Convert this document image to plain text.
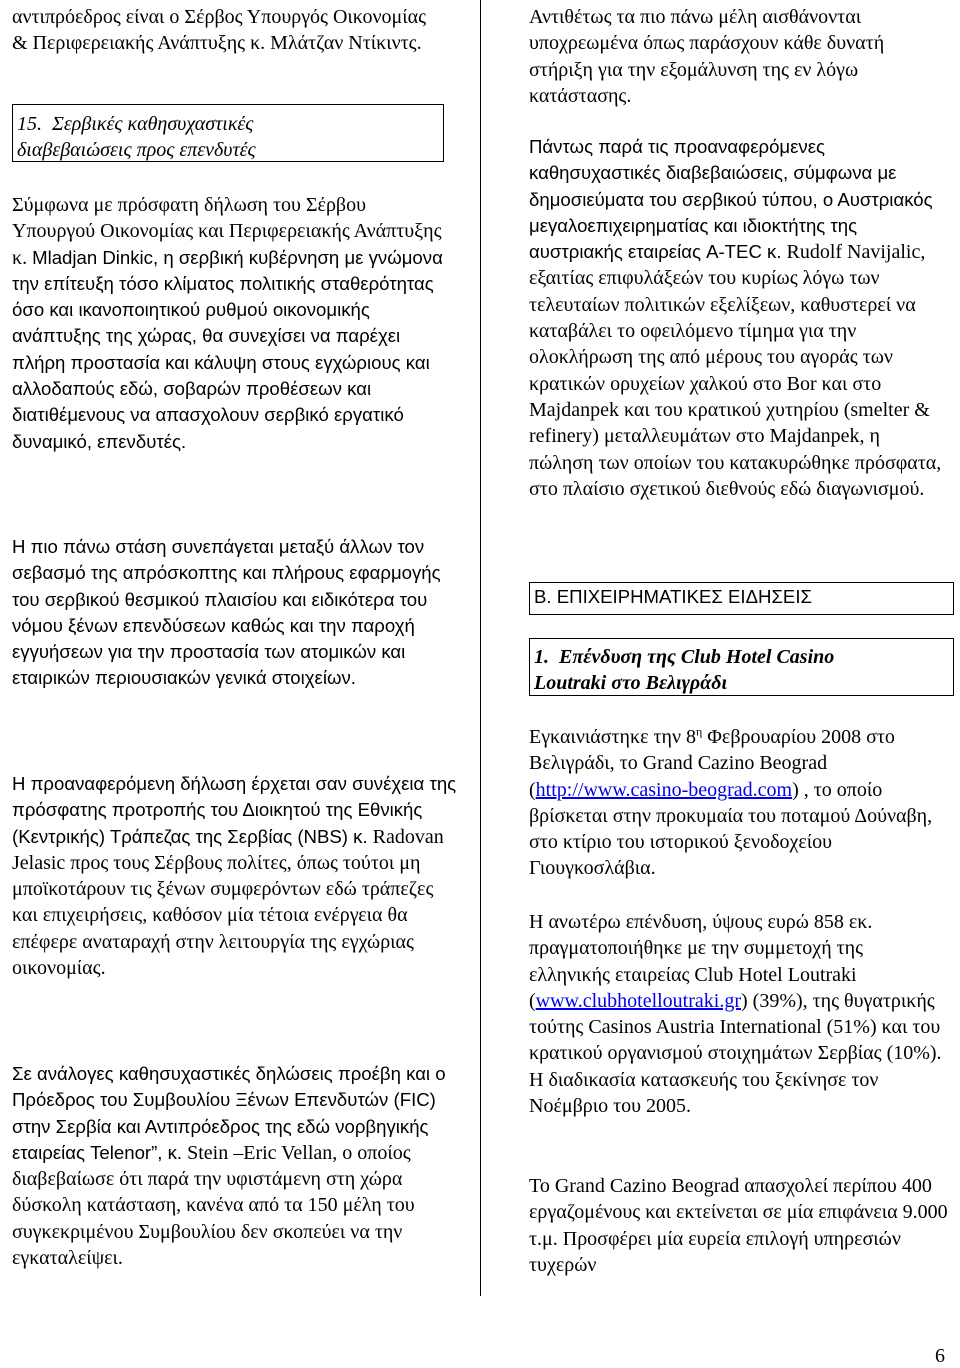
αντιπρόεδρος είναι ο Σέρβος Υπουργός Οικονομίας & Περιφερειακής Ανάπτυξης κ. Μλάτζαν Ντίκιντς.

15. Σερβικές καθησυχαστικές
διαβεβαιώσεις προς επενδυτές

Σύμφωνα με πρόσφατη δήλωση του Σέρβου Υπουργού Οικονομίας και Περιφερειακής Ανάπτυξης κ. Mladjan Dinkic, η σερβική κυβέρνηση με γνώμονα την επίτευξη τόσο κλίματος πολιτικής σταθερότητας όσο και ικανοποιητικού ρυθμού οικονομικής ανάπτυξης της χώρας, θα συνεχίσει να παρέχει πλήρη προστασία και κάλυψη στους εγχώριους και αλλοδαπούς εδώ, σοβαρών προθέσεων και διατιθέμενους να απασχολουν σερβικό εργατικό δυναμικό, επενδυτές.

Η πιο πάνω στάση συνεπάγεται μεταξύ άλλων τον σεβασμό της απρόσκοπτης και πλήρους εφαρμογής του σερβικού θεσμικού πλαισίου και ειδικότερα του νόμου ξένων επενδύσεων καθώς και την παροχή εγγυήσεων για την προστασία των ατομικών και εταιρικών περιουσιακών γενικά στοιχείων.

Η προαναφερόμενη δήλωση έρχεται σαν συνέχεια της πρόσφατης προτροπής του Διοικητού της Εθνικής (Κεντρικής) Τράπεζας της Σερβίας (NBS) κ. Radovan Jelasic προς τους Σέρβους πολίτες, όπως τούτοι μη μποϊκοτάρουν τις ξένων συμφερόντων εδώ τράπεζες και επιχειρήσεις, καθόσον μία τέτοια ενέργεια θα επέφερε αναταραχή στην λειτουργία της εγχώριας οικονομίας.

Σε ανάλογες καθησυχαστικές δηλώσεις προέβη και ο Πρόεδρος του Συμβουλίου Ξένων Επενδυτών (FIC) στην Σερβία και Αντιπρόεδρος της εδώ νορβηγικής εταιρείας Telenor”, κ. Stein –Eric Vellan, ο οποίος διαβεβαίωσε ότι παρά την υφιστάμενη στη χώρα δύσκολη κατάσταση, κανένα από τα 150 μέλη του συγκεκριμένου Συμβουλίου δεν σκοπεύει να την εγκαταλείψει.

Αντιθέτως τα πιο πάνω μέλη αισθάνονται υποχρεωμένα όπως παράσχουν κάθε δυνατή στήριξη για την εξομάλυνση της εν λόγω κατάστασης.

Πάντως παρά τις προαναφερόμενες καθησυχαστικές διαβεβαιώσεις, σύμφωνα με δημοσιεύματα του σερβικού τύπου, ο Αυστριακός μεγαλοεπιχειρηματίας και ιδιοκτήτης της αυστριακής εταιρείας A-TEC κ. Rudolf Navijalic, εξαιτίας επιφυλάξεών του κυρίως λόγω των τελευταίων πολιτικών εξελίξεων, καθυστερεί να καταβάλει το οφειλόμενο τίμημα για την ολοκλήρωση της από μέρους του αγοράς των κρατικών ορυχείων χαλκού στο Bor και στο Majdanpek και του κρατικού χυτηρίου (smelter & refinery) μεταλλευμάτων στο Majdanpek, η πώληση των οποίων του κατακυρώθηκε πρόσφατα, στο πλαίσιο σχετικού διεθνούς εδώ διαγωνισμού.

Β. ΕΠΙΧΕΙΡΗΜΑΤΙΚΕΣ ΕΙΔΗΣΕΙΣ
1. Επένδυση της Club Hotel Casino
Loutraki στο Βελιγράδι

Εγκαινιάστηκε την $8^\eta$ Φεβρουαρίου 2008 στο Βελιγράδι, το Grand Cazino Beograd (http://www.casino-beograd.com) , το οποίο βρίσκεται στην προκυμαία του ποταμού Δούναβη, στο κτίριο του ιστορικού ξενοδοχείου Γιουγκοσλάβια.

Η ανωτέρω επένδυση, ύψους ευρώ 858 εκ. πραγματοποιήθηκε με την συμμετοχή της ελληνικής εταιρείας Club Hotel Loutraki (www.clubhotelloutraki.gr) (39%), της θυγατρικής τούτης Casinos Austria International (51%) και του κρατικού οργανισμού στοιχημάτων Σερβίας (10%). Η διαδικασία κατασκευής του ξεκίνησε τον Νοέμβριο του 2005.

Το Grand Cazino Beograd απασχολεί περίπου 400 εργαζομένους και εκτείνεται σε μία επιφάνεια 9.000 τ.μ. Προσφέρει μία ευρεία επιλογή υπηρεσιών τυχερών

6
